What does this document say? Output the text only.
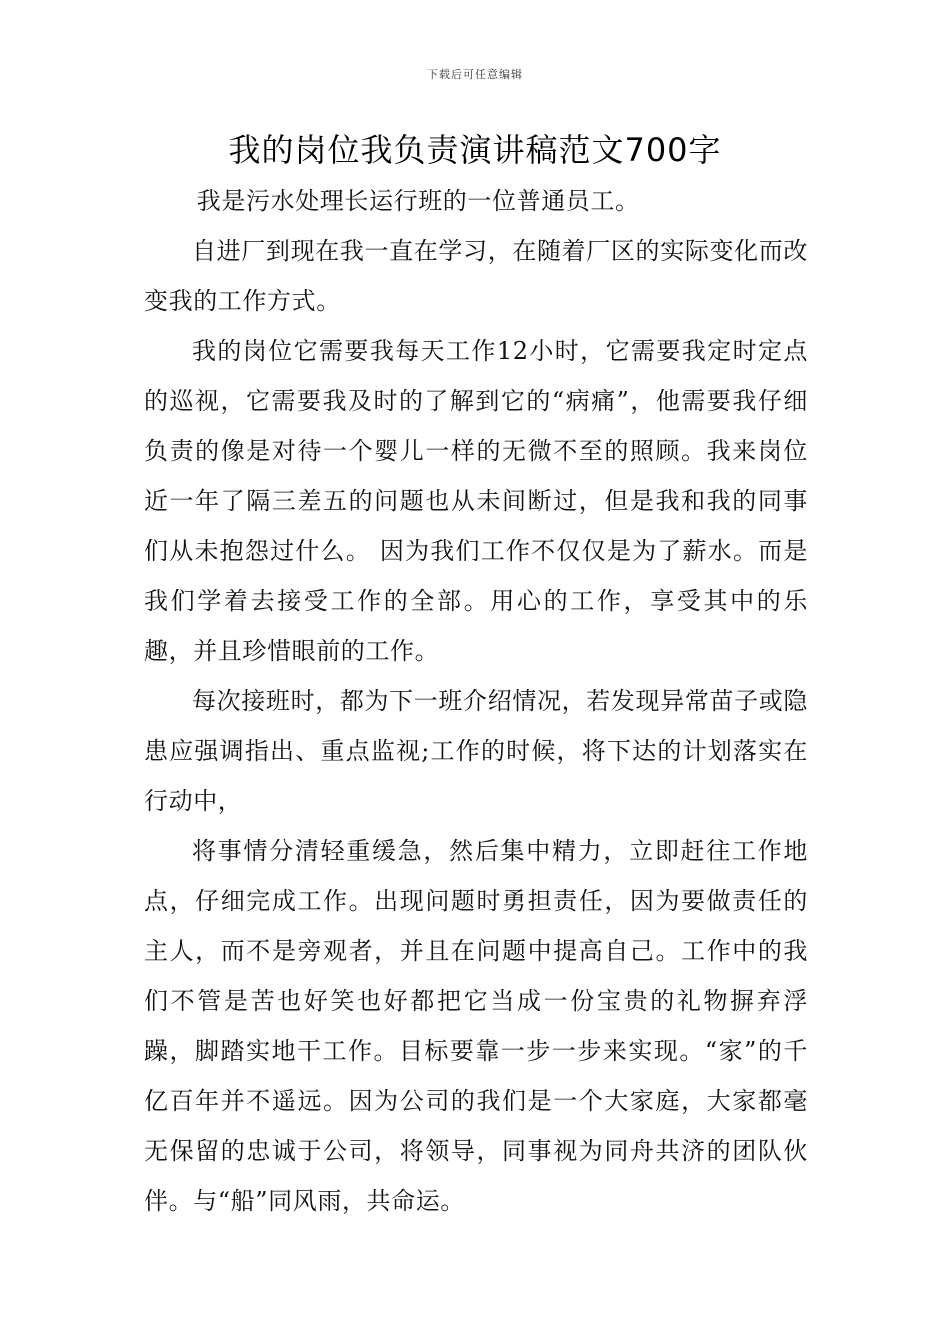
下载后可任意编辑
我的岗位我负责演讲稿范文700字

我是污水处理长运行班的一位普通员工。

自进厂到现在我一直在学习，在随着厂区的实际变化而改变我的工作方式。

我的岗位它需要我每天工作12小时，它需要我定时定点的巡视，它需要我及时的了解到它的“病痛”，他需要我仔细负责的像是对待一个婴儿一样的无微不至的照顾。我来岗位近一年了隔三差五的问题也从未间断过，但是我和我的同事们从未抱怨过什么。 因为我们工作不仅仅是为了薪水。而是我们学着去接受工作的全部。用心的工作，享受其中的乐趣，并且珍惜眼前的工作。

每次接班时，都为下一班介绍情况，若发现异常苗子或隐患应强调指出、重点监视;工作的时候，将下达的计划落实在行动中，

将事情分清轻重缓急，然后集中精力，立即赶往工作地点，仔细完成工作。出现问题时勇担责任，因为要做责任的主人，而不是旁观者，并且在问题中提高自己。工作中的我们不管是苦也好笑也好都把它当成一份宝贵的礼物摒弃浮躁，脚踏实地干工作。目标要靠一步一步来实现。“家”的千亿百年并不遥远。因为公司的我们是一个大家庭，大家都毫无保留的忠诚于公司，将领导，同事视为同舟共济的团队伙伴。与“船”同风雨，共命运。
